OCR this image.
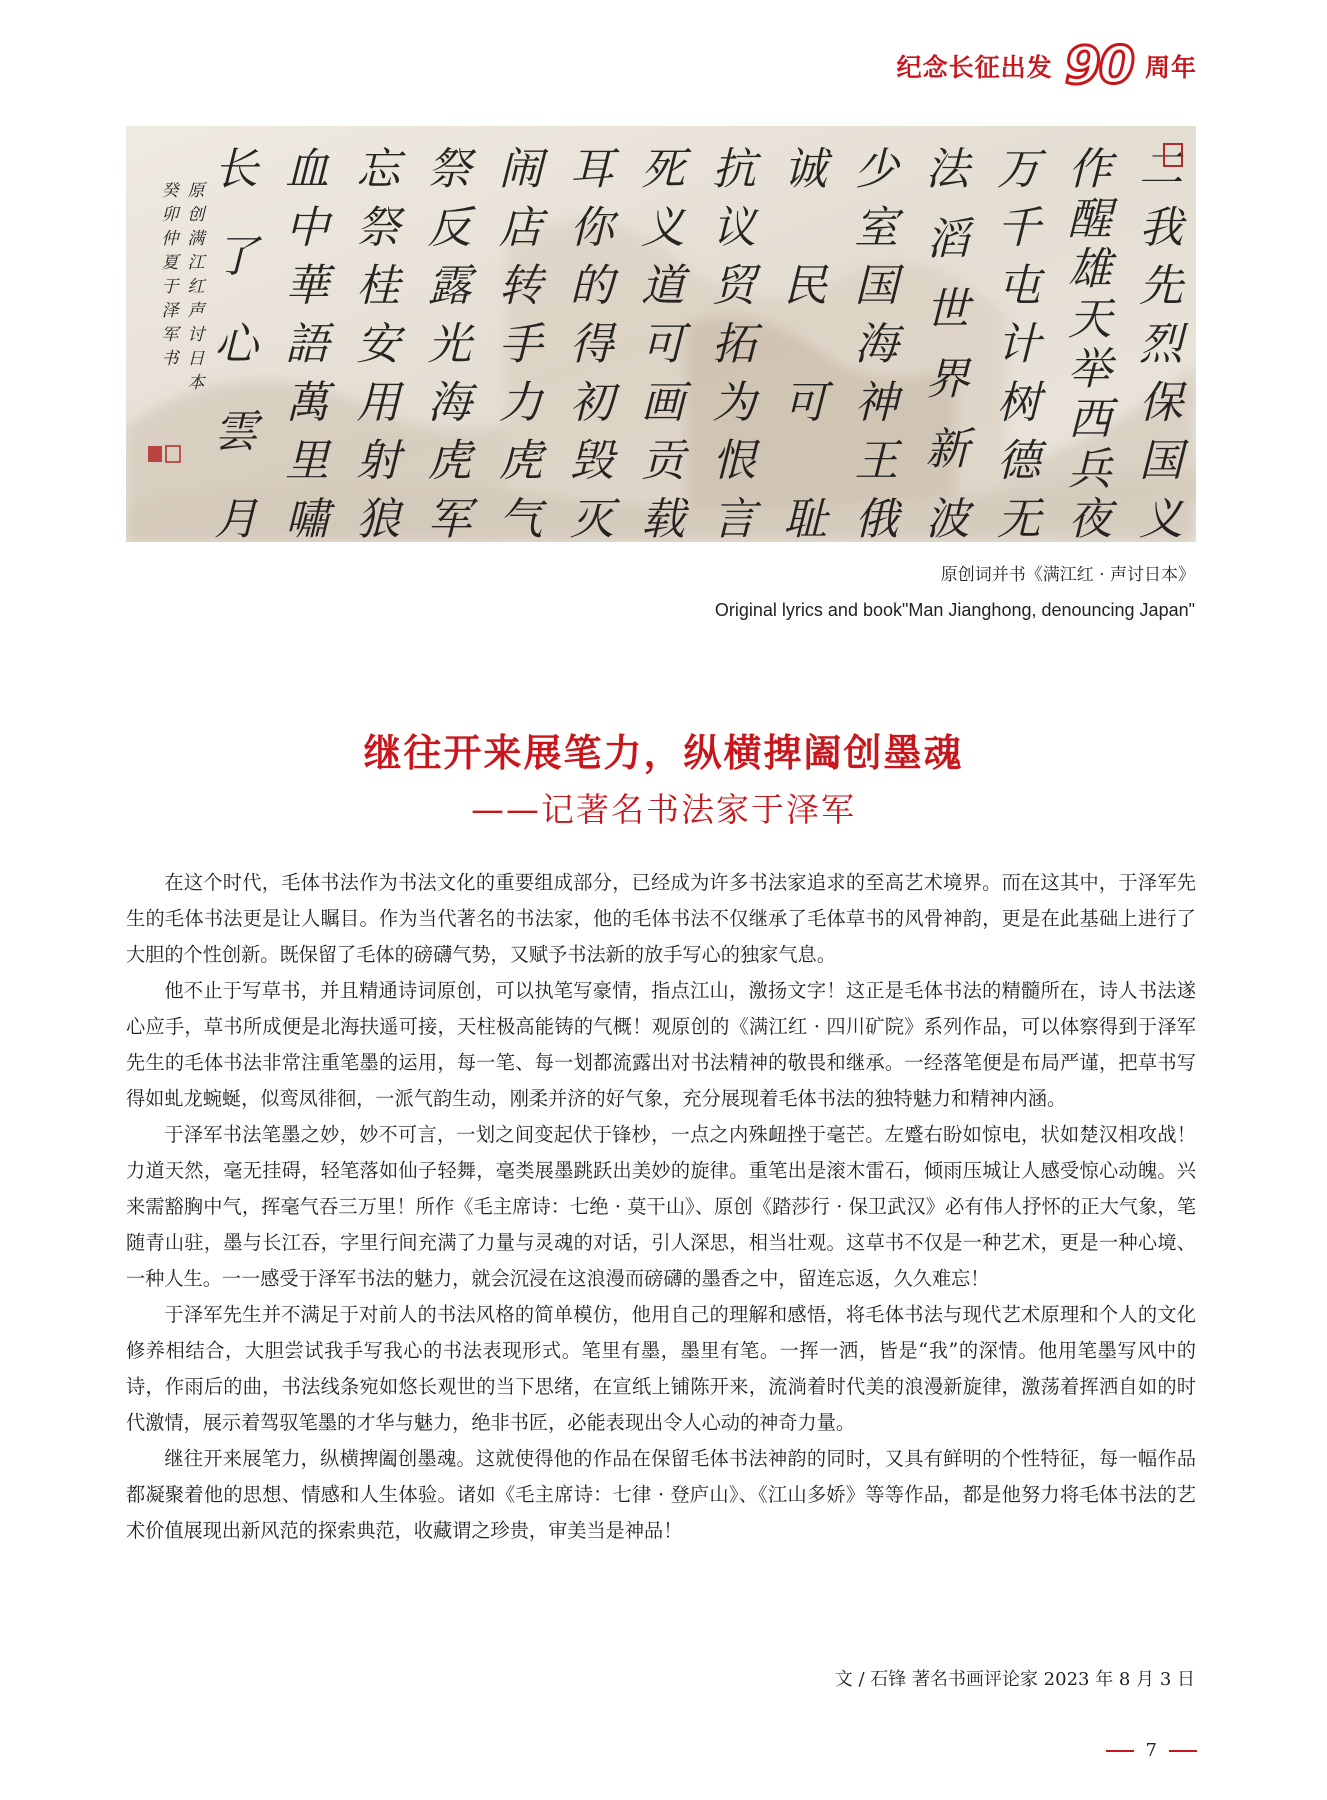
纪念长征出发 90 周年
二
我
先
烈
保
国
义
作
醒
雄
天
举
西
兵
夜
万
千
屯
计
树
德
无
法
滔
世
界
新
波
少
室
国
海
神
王
俄
诚
民
可
耻
抗
议
贸
拓
为
恨
言
死
义
道
可
画
贡
载
耳
你
的
得
初
毁
灭
闹
店
转
手
力
虎
气
祭
反
露
光
海
虎
军
忘
祭
桂
安
用
射
狼
血
中
華
語
萬
里
嘯
长
了
心
雲
月
原
创
满
江
红
声
讨
日
本
癸
卯
仲
夏
于
泽
军
书
原创词并书《满江红 · 声讨日本》
Original lyrics and book"Man Jianghong, denouncing Japan"
继往开来展笔力，纵横捭阖创墨魂
——记著名书法家于泽军

在这个时代，毛体书法作为书法文化的重要组成部分，已经成为许多书法家追求的至高艺术境界。而在这其中，于泽军先生的毛体书法更是让人瞩目。作为当代著名的书法家，他的毛体书法不仅继承了毛体草书的风骨神韵，更是在此基础上进行了大胆的个性创新。既保留了毛体的磅礴气势，又赋予书法新的放手写心的独家气息。

他不止于写草书，并且精通诗词原创，可以执笔写豪情，指点江山，激扬文字！这正是毛体书法的精髓所在，诗人书法遂心应手，草书所成便是北海扶遥可接，天柱极高能铸的气概！观原创的《满江红 · 四川矿院》系列作品，可以体察得到于泽军先生的毛体书法非常注重笔墨的运用，每一笔、每一划都流露出对书法精神的敬畏和继承。一经落笔便是布局严谨，把草书写得如虬龙蜿蜒，似鸾凤徘徊，一派气韵生动，刚柔并济的好气象，充分展现着毛体书法的独特魅力和精神内涵。

于泽军书法笔墨之妙，妙不可言，一划之间变起伏于锋杪，一点之内殊衄挫于毫芒。左蹙右盼如惊电，状如楚汉相攻战！力道天然，毫无挂碍，轻笔落如仙子轻舞，毫类展墨跳跃出美妙的旋律。重笔出是滚木雷石，倾雨压城让人感受惊心动魄。兴来需豁胸中气，挥毫气吞三万里！所作《毛主席诗：七绝 · 莫干山》、原创《踏莎行 · 保卫武汉》必有伟人抒怀的正大气象，笔随青山驻，墨与长江吞，字里行间充满了力量与灵魂的对话，引人深思，相当壮观。这草书不仅是一种艺术，更是一种心境、一种人生。一一感受于泽军书法的魅力，就会沉浸在这浪漫而磅礴的墨香之中，留连忘返，久久难忘！

于泽军先生并不满足于对前人的书法风格的简单模仿，他用自己的理解和感悟，将毛体书法与现代艺术原理和个人的文化修养相结合，大胆尝试我手写我心的书法表现形式。笔里有墨，墨里有笔。一挥一洒，皆是“我”的深情。他用笔墨写风中的诗，作雨后的曲，书法线条宛如悠长观世的当下思绪，在宣纸上铺陈开来，流淌着时代美的浪漫新旋律，激荡着挥洒自如的时代激情，展示着驾驭笔墨的才华与魅力，绝非书匠，必能表现出令人心动的神奇力量。

继往开来展笔力，纵横捭阖创墨魂。这就使得他的作品在保留毛体书法神韵的同时，又具有鲜明的个性特征，每一幅作品都凝聚着他的思想、情感和人生体验。诸如《毛主席诗：七律 · 登庐山》、《江山多娇》等等作品，都是他努力将毛体书法的艺术价值展现出新风范的探索典范，收藏谓之珍贵，审美当是神品！

文 / 石锋 著名书画评论家 2023 年 8 月 3 日
7
